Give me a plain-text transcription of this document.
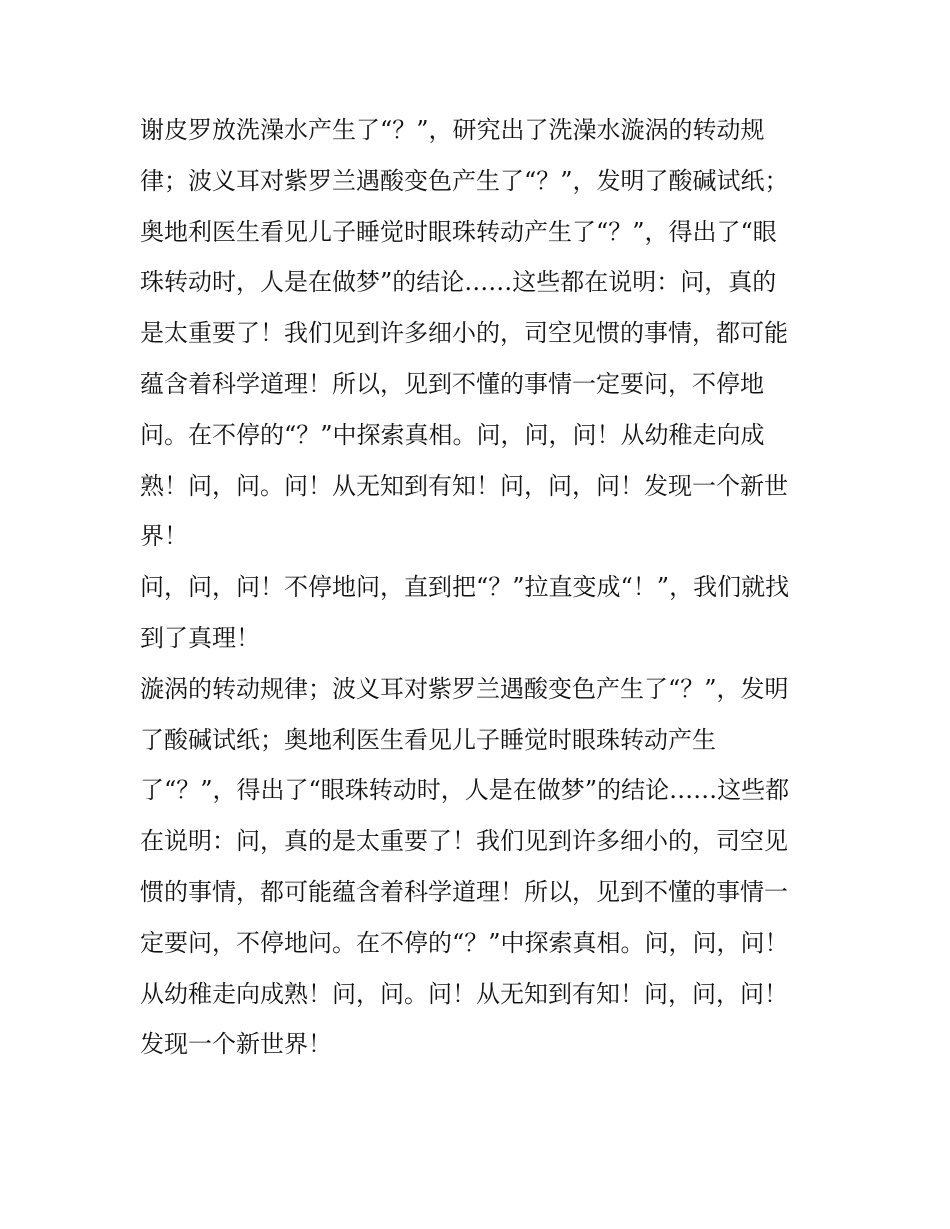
谢皮罗放洗澡水产生了“？”，研究出了洗澡水漩涡的转动规
律；波义耳对紫罗兰遇酸变色产生了“？”，发明了酸碱试纸；
奥地利医生看见儿子睡觉时眼珠转动产生了“？”，得出了“眼
珠转动时，人是在做梦”的结论……这些都在说明：问，真的
是太重要了！我们见到许多细小的，司空见惯的事情，都可能
蕴含着科学道理！所以，见到不懂的事情一定要问，不停地
问。在不停的“？”中探索真相。问，问，问！从幼稚走向成
熟！问，问。问！从无知到有知！问，问，问！发现一个新世
界！
问，问，问！不停地问，直到把“？”拉直变成“！”，我们就找
到了真理！
漩涡的转动规律；波义耳对紫罗兰遇酸变色产生了“？”，发明
了酸碱试纸；奥地利医生看见儿子睡觉时眼珠转动产生
了“？”，得出了“眼珠转动时，人是在做梦”的结论……这些都
在说明：问，真的是太重要了！我们见到许多细小的，司空见
惯的事情，都可能蕴含着科学道理！所以，见到不懂的事情一
定要问，不停地问。在不停的“？”中探索真相。问，问，问！
从幼稚走向成熟！问，问。问！从无知到有知！问，问，问！
发现一个新世界！
